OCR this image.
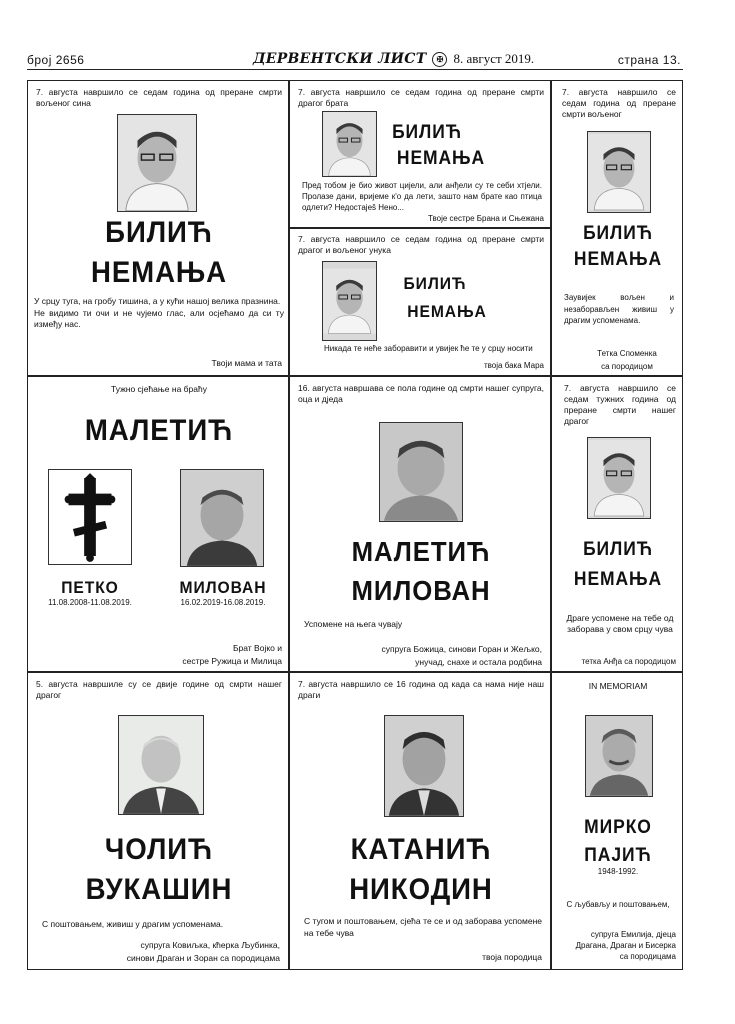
број 2656	ДЕРВЕНТСКИ ЛИСТ	✠ 8. август 2019.	страна 13.
7. августа навршило се седам година од преране смрти вољеног сина
БИЛИЋ
НЕМАЊА
У срцу туга, на гробу тишина, а у кући нашој велика празнина.
Не видимо ти очи и не чујемо глас, али осјећамо да си ту између нас.
Твоји мама и тата
7. августа навршило се седам година од преране смрти драгог брата
БИЛИЋ
НЕМАЊА
Пред тобом је био живот цијели, али анђели су те себи хтјели. Пролазе дани, вријеме к'о да лети, зашто нам брате као птица одлети? Недостаješ Нено...
Твоје сестре Брана и Сњежана
7. августа навршило се седам година од преране смрти драгог и вољеног унука
БИЛИЋ
НЕМАЊА
Никада те неће заборавити и увијек ће те у срцу носити
твоја бака Мара
7. августа навршило се седам година од преране смрти вољеног
БИЛИЋ
НЕМАЊА
Заувијек вољен и незаборављен живиш у драгим успоменама.
Тетка Споменка
са породицом
Тужно сјећање на браћу
МАЛЕТИЋ
ПЕТКО
11.08.2008-11.08.2019.
МИЛОВАН
16.02.2019-16.08.2019.
Брат Војко и
сестре Ружица и Милица
16. августа навршава се пола године од смрти нашег супруга, оца и дједа
МАЛЕТИЋ
МИЛОВАН
Успомене на њега чувају
супруга Божица, синови Горан и Жељко,
унучад, снахе и остала родбина
7. августа навршило се седам тужних година од преране смрти нашег драгог
БИЛИЋ
НЕМАЊА
Драге успомене на тебе од заборава у свом срцу чува
тетка Анђа са породицом
5. августа навршиле су се двије године од смрти нашег драгог
ЧОЛИЋ
ВУКАШИН
С поштовањем, живиш у драгим успоменама.
супруга Ковиљка, кћерка Љубинка,
синови Драган и Зоран са породицама
7. августа навршило се 16 година од када са нама није наш драги
КАТАНИЋ
НИКОДИН
С тугом и поштовањем, сјећа те се и од заборава успомене на тебе чува
твоја породица
IN MEMORIAM
МИРКО
ПАЈИЋ
1948-1992.
С љубављу и поштовањем,
супруга Емилија, дјеца
Драгана, Драган и Бисерка
са породицама
